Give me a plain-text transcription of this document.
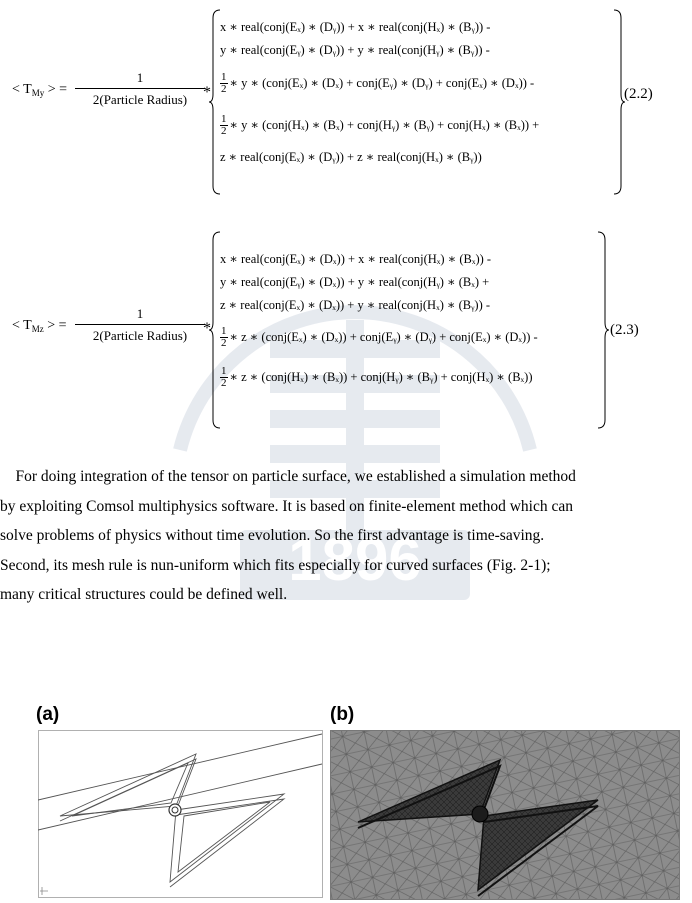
1896
< $T_{My}$ > =
1
2(Particle Radius) *
x ∗ real(conj(Eₓ) ∗ (Dᵧ)) + x ∗ real(conj(Hₓ) ∗ (Bᵧ)) -
y ∗ real(conj(Eᵧ) ∗ (Dᵧ)) + y ∗ real(conj(Hᵧ) ∗ (Bᵧ)) -
1
2 ∗ y ∗ (conj(Eₓ) ∗ (Dₓ) + conj(Eᵧ) ∗ (Dᵧ) + conj(Eₓ) ∗ (Dₓ)) -
1
2 ∗ y ∗ (conj(Hₓ) ∗ (Bₓ) + conj(Hᵧ) ∗ (Bᵧ) + conj(Hₓ) ∗ (Bₓ)) +
z ∗ real(conj(Eₓ) ∗ (Dᵧ)) + z ∗ real(conj(Hₓ) ∗ (Bᵧ))
(2.2)
< $T_{Mz}$ > =
1
2(Particle Radius) *
x ∗ real(conj(Eₓ) ∗ (Dₓ)) + x ∗ real(conj(Hₓ) ∗ (Bₓ)) -
y ∗ real(conj(Eᵧ) ∗ (Dₓ)) + y ∗ real(conj(Hᵧ) ∗ (Bₓ) +
z ∗ real(conj(Eₓ) ∗ (Dₓ)) + y ∗ real(conj(Hₓ) ∗ (Bᵧ)) -
1
2 ∗ z ∗ (conj(Eₓ) ∗ (Dₓ)) + conj(Eᵧ) ∗ (Dᵧ) + conj(Eₓ) ∗ (Dₓ)) -
1
2 ∗ z ∗ (conj(Hₓ) ∗ (Bₓ)) + conj(Hᵧ) ∗ (Bᵧ) + conj(Hₓ) ∗ (Bₓ))
(2.3)

For doing integration of the tensor on particle surface, we established a simulation method

by exploiting Comsol multiphysics software. It is based on finite-element method which can

solve problems of physics without time evolution. So the first advantage is time-saving.

Second, its mesh rule is nun-uniform which fits especially for curved surfaces (Fig. 2-1);

many critical structures could be defined well.

(a)	(b)
